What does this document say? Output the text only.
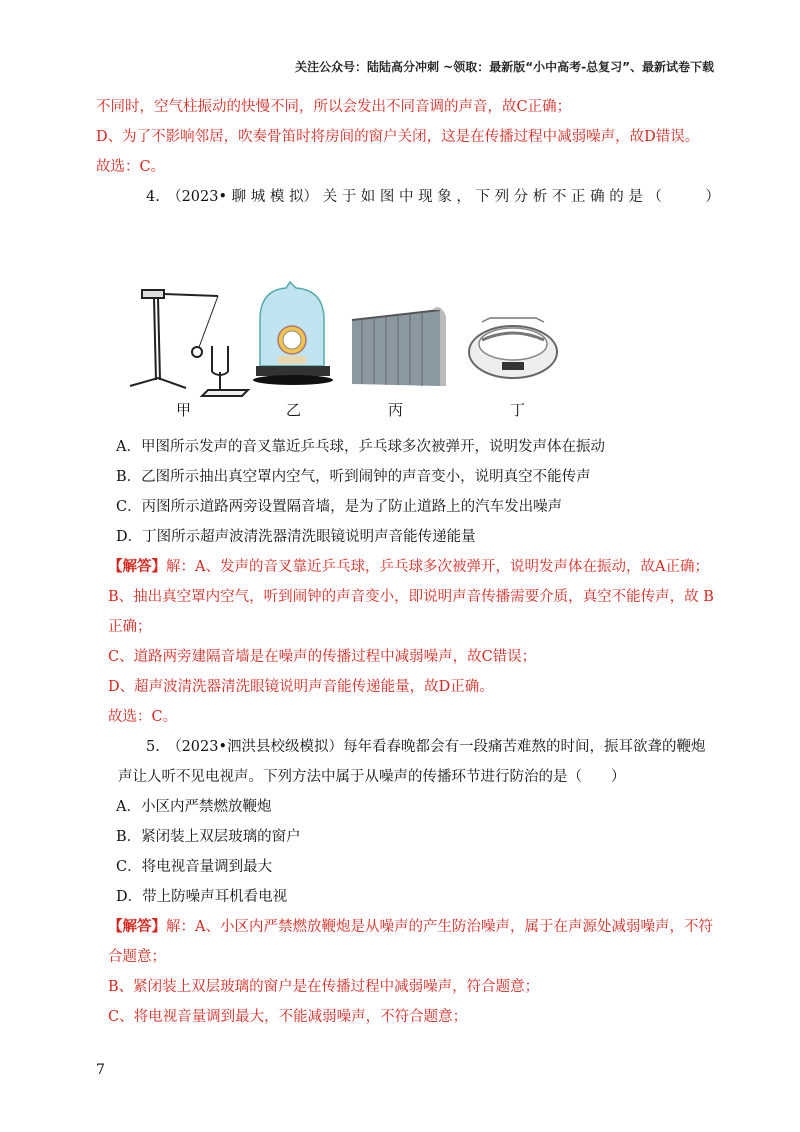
关注公众号：陆陆高分冲刺 ~领取：最新版“小中高考-总复习”、最新试卷下载
不同时，空气柱振动的快慢不同，所以会发出不同音调的声音，故C正确；
D、为了不影响邻居，吹奏骨笛时将房间的窗户关闭，这是在传播过程中减弱噪声，故D错误。
故选：C。
4.　（2023• 聊 城 模 拟） 关 于 如 图 中 现 象 ， 下 列 分 析 不 正 确 的 是 （　　　）
甲	乙	丙	丁
A．甲图所示发声的音叉靠近乒乓球，乒乓球多次被弹开，说明发声体在振动
B．乙图所示抽出真空罩内空气，听到闹钟的声音变小，说明真空不能传声
C．丙图所示道路两旁设置隔音墙，是为了防止道路上的汽车发出噪声
D．丁图所示超声波清洗器清洗眼镜说明声音能传递能量
【解答】解：A、发声的音叉靠近乒乓球，乒乓球多次被弹开，说明发声体在振动，故A正确；
B、抽出真空罩内空气，听到闹钟的声音变小，即说明声音传播需要介质，真空不能传声，故 B
正确；
C、道路两旁建隔音墙是在噪声的传播过程中减弱噪声，故C错误；
D、超声波清洗器清洗眼镜说明声音能传递能量，故D正确。
故选：C。
5.　（2023•泗洪县校级模拟）每年看春晚都会有一段痛苦难熬的时间，振耳欲聋的鞭炮
声让人听不见电视声。下列方法中属于从噪声的传播环节进行防治的是（　　）
A．小区内严禁燃放鞭炮
B．紧闭装上双层玻璃的窗户
C．将电视音量调到最大
D．带上防噪声耳机看电视
【解答】解：A、小区内严禁燃放鞭炮是从噪声的产生防治噪声，属于在声源处减弱噪声，不符
合题意；
B、紧闭装上双层玻璃的窗户是在传播过程中减弱噪声，符合题意；
C、将电视音量调到最大，不能减弱噪声，不符合题意；
7
